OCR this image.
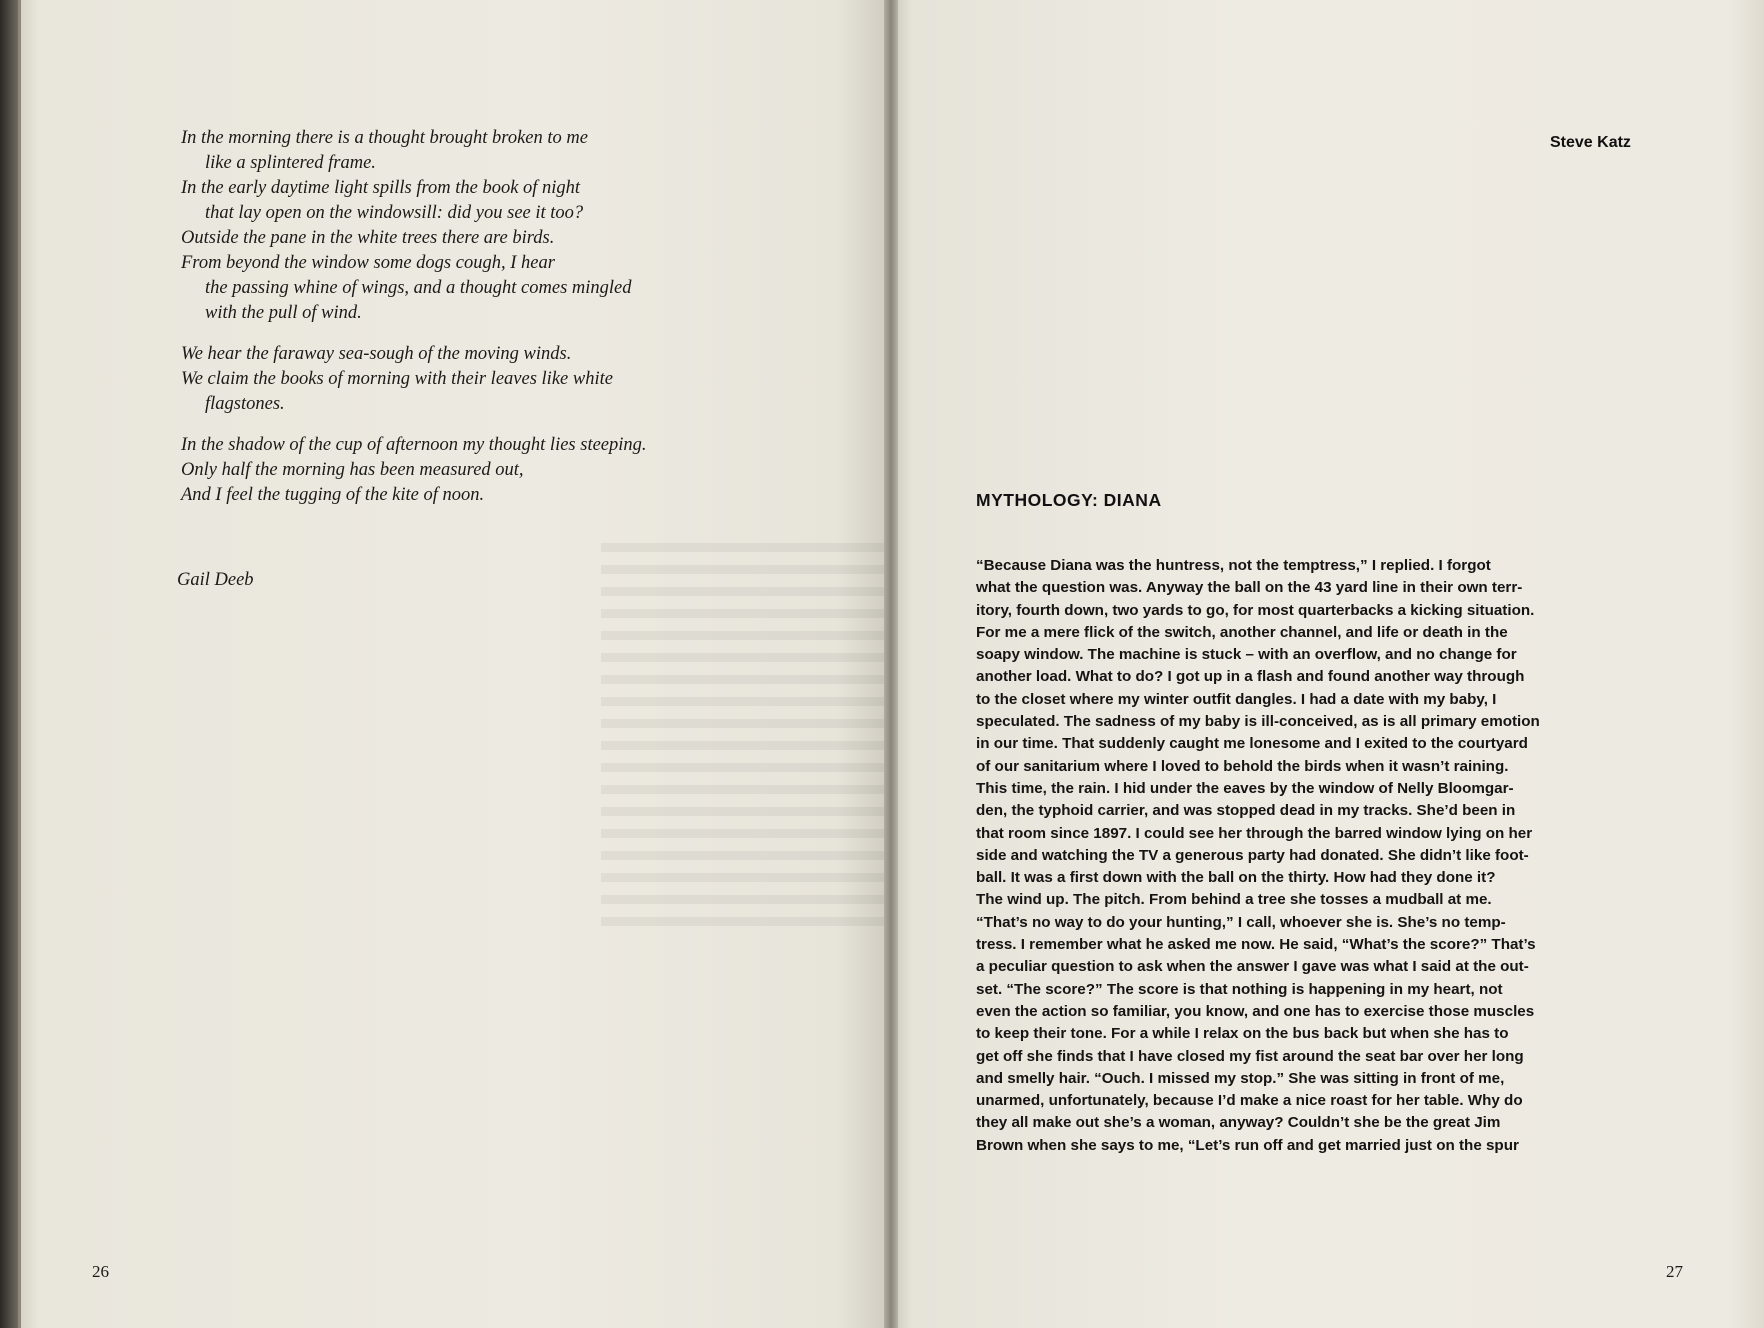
In the morning there is a thought brought broken to me
like a splintered frame.
In the early daytime light spills from the book of night
that lay open on the windowsill: did you see it too?
Outside the pane in the white trees there are birds.
From beyond the window some dogs cough, I hear
the passing whine of wings, and a thought comes mingled
with the pull of wind.
We hear the faraway sea-sough of the moving winds.
We claim the books of morning with their leaves like white
flagstones.
In the shadow of the cup of afternoon my thought lies steeping.
Only half the morning has been measured out,
And I feel the tugging of the kite of noon.
Gail Deeb
26
Steve Katz
MYTHOLOGY: DIANA
“Because Diana was the huntress, not the temptress,” I replied. I forgot
what the question was. Anyway the ball on the 43 yard line in their own terr-
itory, fourth down, two yards to go, for most quarterbacks a kicking situation.
For me a mere flick of the switch, another channel, and life or death in the
soapy window. The machine is stuck – with an overflow, and no change for
another load. What to do? I got up in a flash and found another way through
to the closet where my winter outfit dangles. I had a date with my baby, I
speculated. The sadness of my baby is ill-conceived, as is all primary emotion
in our time. That suddenly caught me lonesome and I exited to the courtyard
of our sanitarium where I loved to behold the birds when it wasn’t raining.
This time, the rain. I hid under the eaves by the window of Nelly Bloomgar-
den, the typhoid carrier, and was stopped dead in my tracks. She’d been in
that room since 1897. I could see her through the barred window lying on her
side and watching the TV a generous party had donated. She didn’t like foot-
ball. It was a first down with the ball on the thirty. How had they done it?
The wind up. The pitch. From behind a tree she tosses a mudball at me.
“That’s no way to do your hunting,” I call, whoever she is. She’s no temp-
tress. I remember what he asked me now. He said, “What’s the score?” That’s
a peculiar question to ask when the answer I gave was what I said at the out-
set. “The score?” The score is that nothing is happening in my heart, not
even the action so familiar, you know, and one has to exercise those muscles
to keep their tone. For a while I relax on the bus back but when she has to
get off she finds that I have closed my fist around the seat bar over her long
and smelly hair. “Ouch. I missed my stop.” She was sitting in front of me,
unarmed, unfortunately, because I’d make a nice roast for her table. Why do
they all make out she’s a woman, anyway? Couldn’t she be the great Jim
Brown when she says to me, “Let’s run off and get married just on the spur
27
